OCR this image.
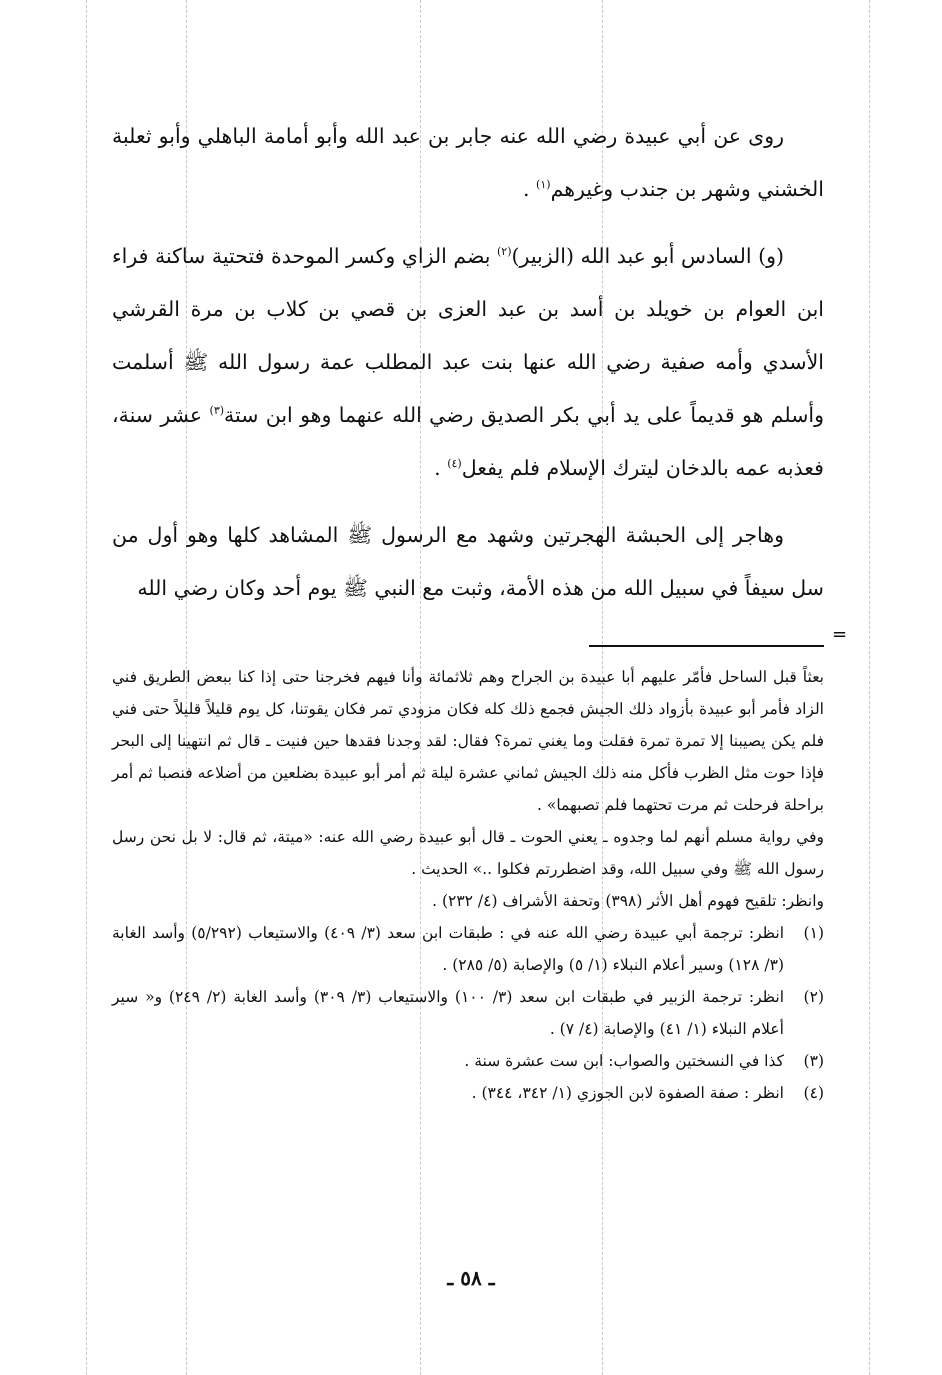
روى عن أبي عبيدة رضي الله عنه جابر بن عبد الله وأبو أمامة الباهلي وأبو ثعلبة الخشني وشهر بن جندب وغيرهم$^{(١)}$ .

(و) السادس أبو عبد الله (الزبير)$^{(٢)}$ بضم الزاي وكسر الموحدة فتحتية ساكنة فراء ابن العوام بن خويلد بن أسد بن عبد العزى بن قصي بن كلاب بن مرة القرشي الأسدي وأمه صفية رضي الله عنها بنت عبد المطلب عمة رسول الله ﷺ أسلمت وأسلم هو قديماً على يد أبي بكر الصديق رضي الله عنهما وهو ابن ستة$^{(٣)}$ عشر سنة، فعذبه عمه بالدخان ليترك الإسلام فلم يفعل$^{(٤)}$ .

وهاجر إلى الحبشة الهجرتين وشهد مع الرسول ﷺ المشاهد كلها وهو أول من سل سيفاً في سبيل الله من هذه الأمة، وثبت مع النبي ﷺ يوم أحد وكان رضي الله

بعثاً قبل الساحل فأمّر عليهم أبا عبيدة بن الجراح وهم ثلاثمائة وأنا فيهم فخرجنا حتى إذا كنا ببعض الطريق فني الزاد فأمر أبو عبيدة بأزواد ذلك الجيش فجمع ذلك كله فكان مزودي تمر فكان يقوتنا، كل يوم قليلاً قليلاً حتى فني فلم يكن يصيبنا إلا تمرة تمرة فقلت وما يغني تمرة؟ فقال: لقد وجدنا فقدها حين فنيت ـ قال ثم انتهينا إلى البحر فإذا حوت مثل الظرب فأكل منه ذلك الجيش ثماني عشرة ليلة ثم أمر أبو عبيدة بضلعين من أضلاعه فنصبا ثم أمر براحلة فرحلت ثم مرت تحتهما فلم تصبهما» .

وفي رواية مسلم أنهم لما وجدوه ـ يعني الحوت ـ قال أبو عبيدة رضي الله عنه: «ميتة، ثم قال: لا بل نحن رسل رسول الله ﷺ وفي سبيل الله، وقد اضطررتم فكلوا ..» الحديث .

وانظر: تلقيح فهوم أهل الأثر (٣٩٨) وتحفة الأشراف (٤/ ٢٣٢) .

(١)
انظر: ترجمة أبي عبيدة رضي الله عنه في : طبقات ابن سعد (٣/ ٤٠٩) والاستيعاب (٥/٢٩٢) وأسد الغابة (٣/ ١٢٨) وسير أعلام النبلاء (١/ ٥) والإصابة (٥/ ٢٨٥) .
(٢)
انظر: ترجمة الزبير في طبقات ابن سعد (٣/ ١٠٠) والاستيعاب (٣/ ٣٠٩) وأسد الغابة (٢/ ٢٤٩) و« سير أعلام النبلاء (١/ ٤١) والإصابة (٤/ ٧) .
(٣)
كذا في النسختين والصواب: ابن ست عشرة سنة .
(٤)
انظر : صفة الصفوة لابن الجوزي (١/ ٣٤٢، ٣٤٤) .
=
ـ ٥٨ ـ
